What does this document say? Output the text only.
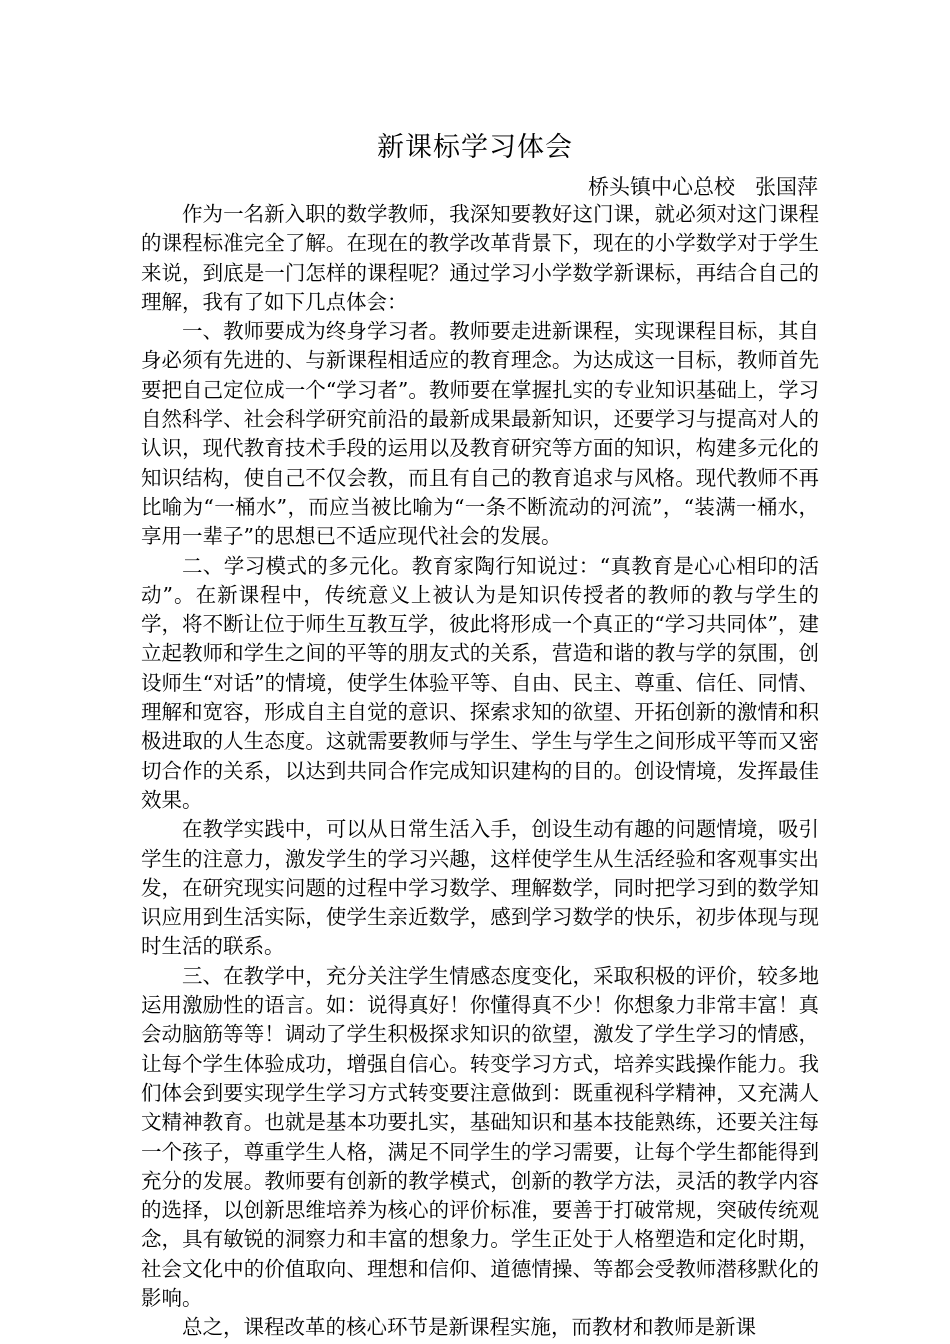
新课标学习体会

桥头镇中心总校   张国萍

作为一名新入职的数学教师，我深知要教好这门课，就必须对这门课程的课程标准完全了解。在现在的教学改革背景下，现在的小学数学对于学生来说，到底是一门怎样的课程呢？通过学习小学数学新课标，再结合自己的理解，我有了如下几点体会：

一、教师要成为终身学习者。教师要走进新课程，实现课程目标，其自身必须有先进的、与新课程相适应的教育理念。为达成这一目标，教师首先要把自己定位成一个“学习者”。教师要在掌握扎实的专业知识基础上，学习自然科学、社会科学研究前沿的最新成果最新知识，还要学习与提高对人的认识，现代教育技术手段的运用以及教育研究等方面的知识，构建多元化的知识结构，使自己不仅会教，而且有自己的教育追求与风格。现代教师不再比喻为“一桶水”，而应当被比喻为“一条不断流动的河流”，“装满一桶水，享用一辈子”的思想已不适应现代社会的发展。

二、学习模式的多元化。教育家陶行知说过：“真教育是心心相印的活动”。在新课程中，传统意义上被认为是知识传授者的教师的教与学生的学，将不断让位于师生互教互学，彼此将形成一个真正的“学习共同体”，建立起教师和学生之间的平等的朋友式的关系，营造和谐的教与学的氛围，创设师生“对话”的情境，使学生体验平等、自由、民主、尊重、信任、同情、理解和宽容，形成自主自觉的意识、探索求知的欲望、开拓创新的激情和积极进取的人生态度。这就需要教师与学生、学生与学生之间形成平等而又密切合作的关系，以达到共同合作完成知识建构的目的。创设情境，发挥最佳效果。

在教学实践中，可以从日常生活入手，创设生动有趣的问题情境，吸引学生的注意力，激发学生的学习兴趣，这样使学生从生活经验和客观事实出发，在研究现实问题的过程中学习数学、理解数学，同时把学习到的数学知识应用到生活实际，使学生亲近数学，感到学习数学的快乐，初步体现与现时生活的联系。

三、在教学中，充分关注学生情感态度变化，采取积极的评价，较多地运用激励性的语言。如：说得真好！你懂得真不少！你想象力非常丰富！真会动脑筋等等！调动了学生积极探求知识的欲望，激发了学生学习的情感，让每个学生体验成功，增强自信心。转变学习方式，培养实践操作能力。我们体会到要实现学生学习方式转变要注意做到：既重视科学精神，又充满人文精神教育。也就是基本功要扎实，基础知识和基本技能熟练，还要关注每一个孩子，尊重学生人格，满足不同学生的学习需要，让每个学生都能得到充分的发展。教师要有创新的教学模式，创新的教学方法，灵活的教学内容的选择，以创新思维培养为核心的评价标准，要善于打破常规，突破传统观念，具有敏锐的洞察力和丰富的想象力。学生正处于人格塑造和定化时期，社会文化中的价值取向、理想和信仰、道德情操、等都会受教师潜移默化的影响。

总之，课程改革的核心环节是新课程实施，而教材和教师是新课
